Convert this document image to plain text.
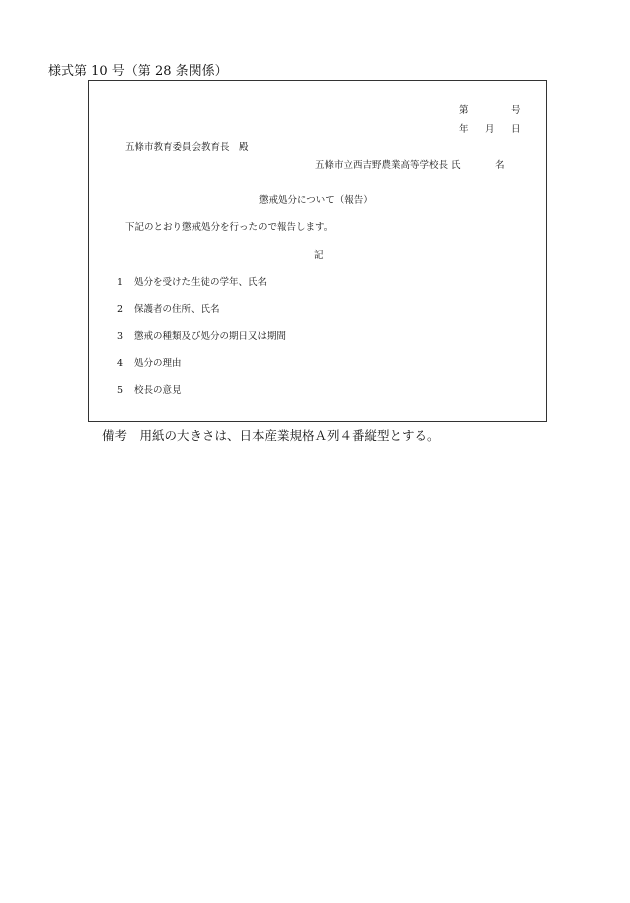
様式第 10 号（第 28 条関係）
第	号
年 月 日
五條市教育委員会教育長　殿
五條市立西吉野農業高等学校長 氏	名
懲戒処分について（報告）
下記のとおり懲戒処分を行ったので報告します。
記
1 処分を受けた生徒の学年、氏名
2 保護者の住所、氏名
3 懲戒の種類及び処分の期日又は期間
4 処分の理由
5 校長の意見
備考　用紙の大きさは、日本産業規格Ａ列４番縦型とする。
